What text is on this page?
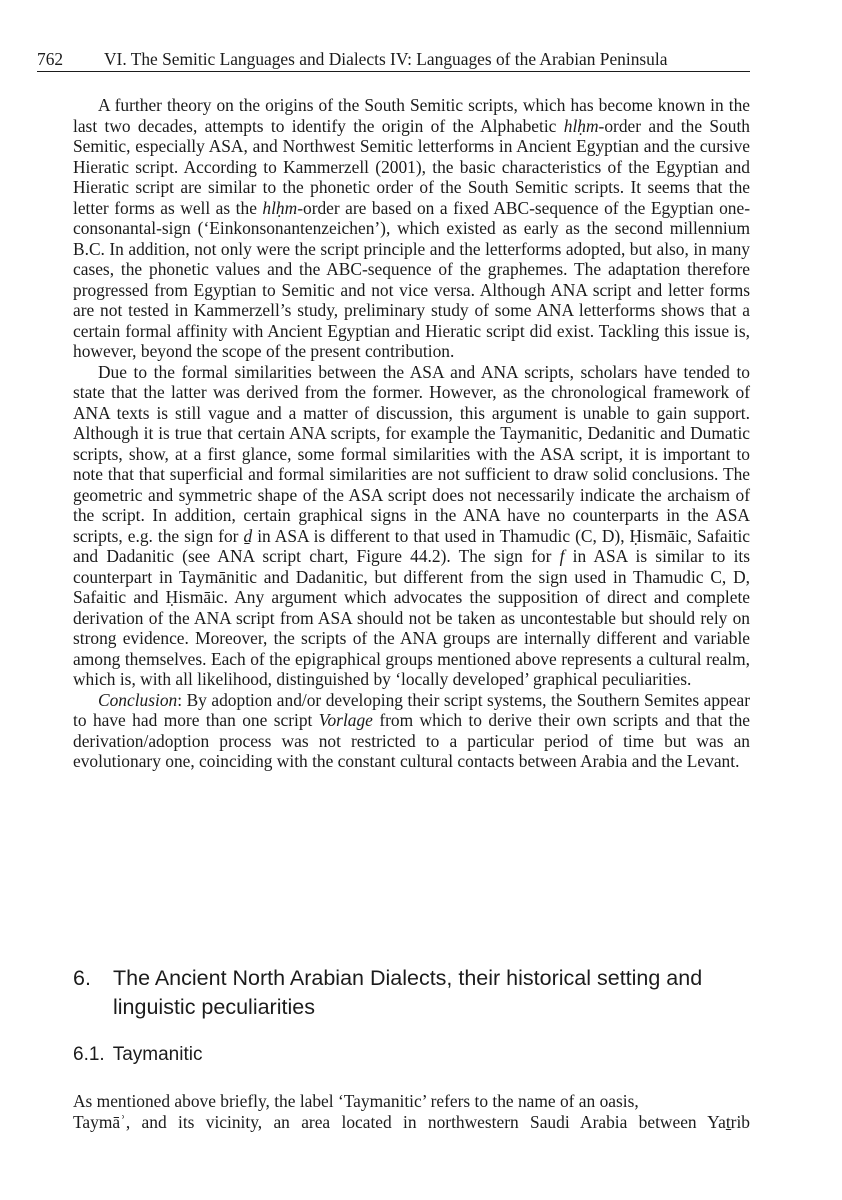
762	VI. The Semitic Languages and Dialects IV: Languages of the Arabian Peninsula

A further theory on the origins of the South Semitic scripts, which has become known in the last two decades, attempts to identify the origin of the Alphabetic hlḥm-order and the South Semitic, especially ASA, and Northwest Semitic letterforms in Ancient Egyptian and the cursive Hieratic script. According to Kammerzell (2001), the basic characteristics of the Egyptian and Hieratic script are similar to the phonetic order of the South Semitic scripts. It seems that the letter forms as well as the hlḥm-order are based on a fixed ABC-sequence of the Egyptian one-consonantal-sign (‘Einkonsonantenzeichen’), which existed as early as the second millennium B.C. In addition, not only were the script principle and the letterforms adopted, but also, in many cases, the phonetic values and the ABC-sequence of the graphemes. The adaptation therefore progressed from Egyptian to Semitic and not vice versa. Although ANA script and letter forms are not tested in Kammerzell’s study, preliminary study of some ANA letterforms shows that a certain formal affinity with Ancient Egyptian and Hieratic script did exist. Tackling this issue is, however, beyond the scope of the present contribution.

Due to the formal similarities between the ASA and ANA scripts, scholars have tended to state that the latter was derived from the former. However, as the chronological framework of ANA texts is still vague and a matter of discussion, this argument is unable to gain support. Although it is true that certain ANA scripts, for example the Taymanitic, Dedanitic and Dumatic scripts, show, at a first glance, some formal similarities with the ASA script, it is important to note that that superficial and formal similarities are not sufficient to draw solid conclusions. The geometric and symmetric shape of the ASA script does not necessarily indicate the archaism of the script. In addition, certain graphical signs in the ANA have no counterparts in the ASA scripts, e.g. the sign for ḏ in ASA is different to that used in Thamudic (C, D), Ḥismāic, Safaitic and Dadanitic (see ANA script chart, Figure 44.2). The sign for f in ASA is similar to its counterpart in Taymānitic and Dadanitic, but different from the sign used in Thamudic C, D, Safaitic and Ḥismāic. Any argument which advocates the supposition of direct and complete derivation of the ANA script from ASA should not be taken as uncontestable but should rely on strong evidence. Moreover, the scripts of the ANA groups are internally different and variable among themselves. Each of the epigraphical groups mentioned above represents a cultural realm, which is, with all likelihood, distinguished by ‘locally developed’ graphical peculiarities.

Conclusion: By adoption and/or developing their script systems, the Southern Semites appear to have had more than one script Vorlage from which to derive their own scripts and that the derivation/adoption process was not restricted to a particular period of time but was an evolutionary one, coinciding with the constant cultural contacts between Arabia and the Levant.

6.	The Ancient North Arabian Dialects, their historical setting and linguistic peculiarities
6.1. Taymanitic

As mentioned above briefly, the label ‘Taymanitic’ refers to the name of an oasis,

Taymāʾ, and its vicinity, an area located in northwestern Saudi Arabia between Yaṯrib
